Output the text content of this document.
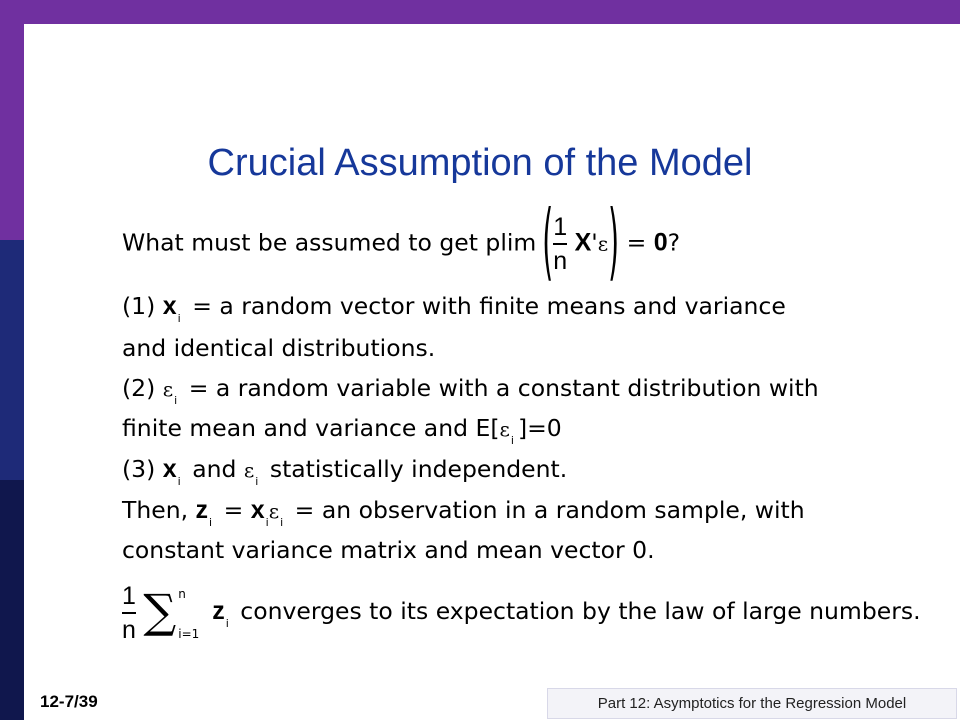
Crucial Assumption of the Model
What must be assumed to get plim ( $\frac{1}{n} X'\varepsilon) = 0$?
(1) $x_i = a$ random vector with finite means and variance
and identical distributions.
(2) $\varepsilon_i = a$ random variable with a constant distribution with
finite mean and variance and $E[\varepsilon_i$ ]=0
(3) $x_i$ and $\varepsilon_i$ statistically independent.
Then, $z_i = x_i\varepsilon_i$ = an observation in a random sample, with
constant variance matrix and mean vector 0.
$\frac{1}{n}$ ∑ n
i=1
$z_i$ converges to its expectation by the law of large numbers.
12-7/39	Part 12: Asymptotics for the Regression Model
